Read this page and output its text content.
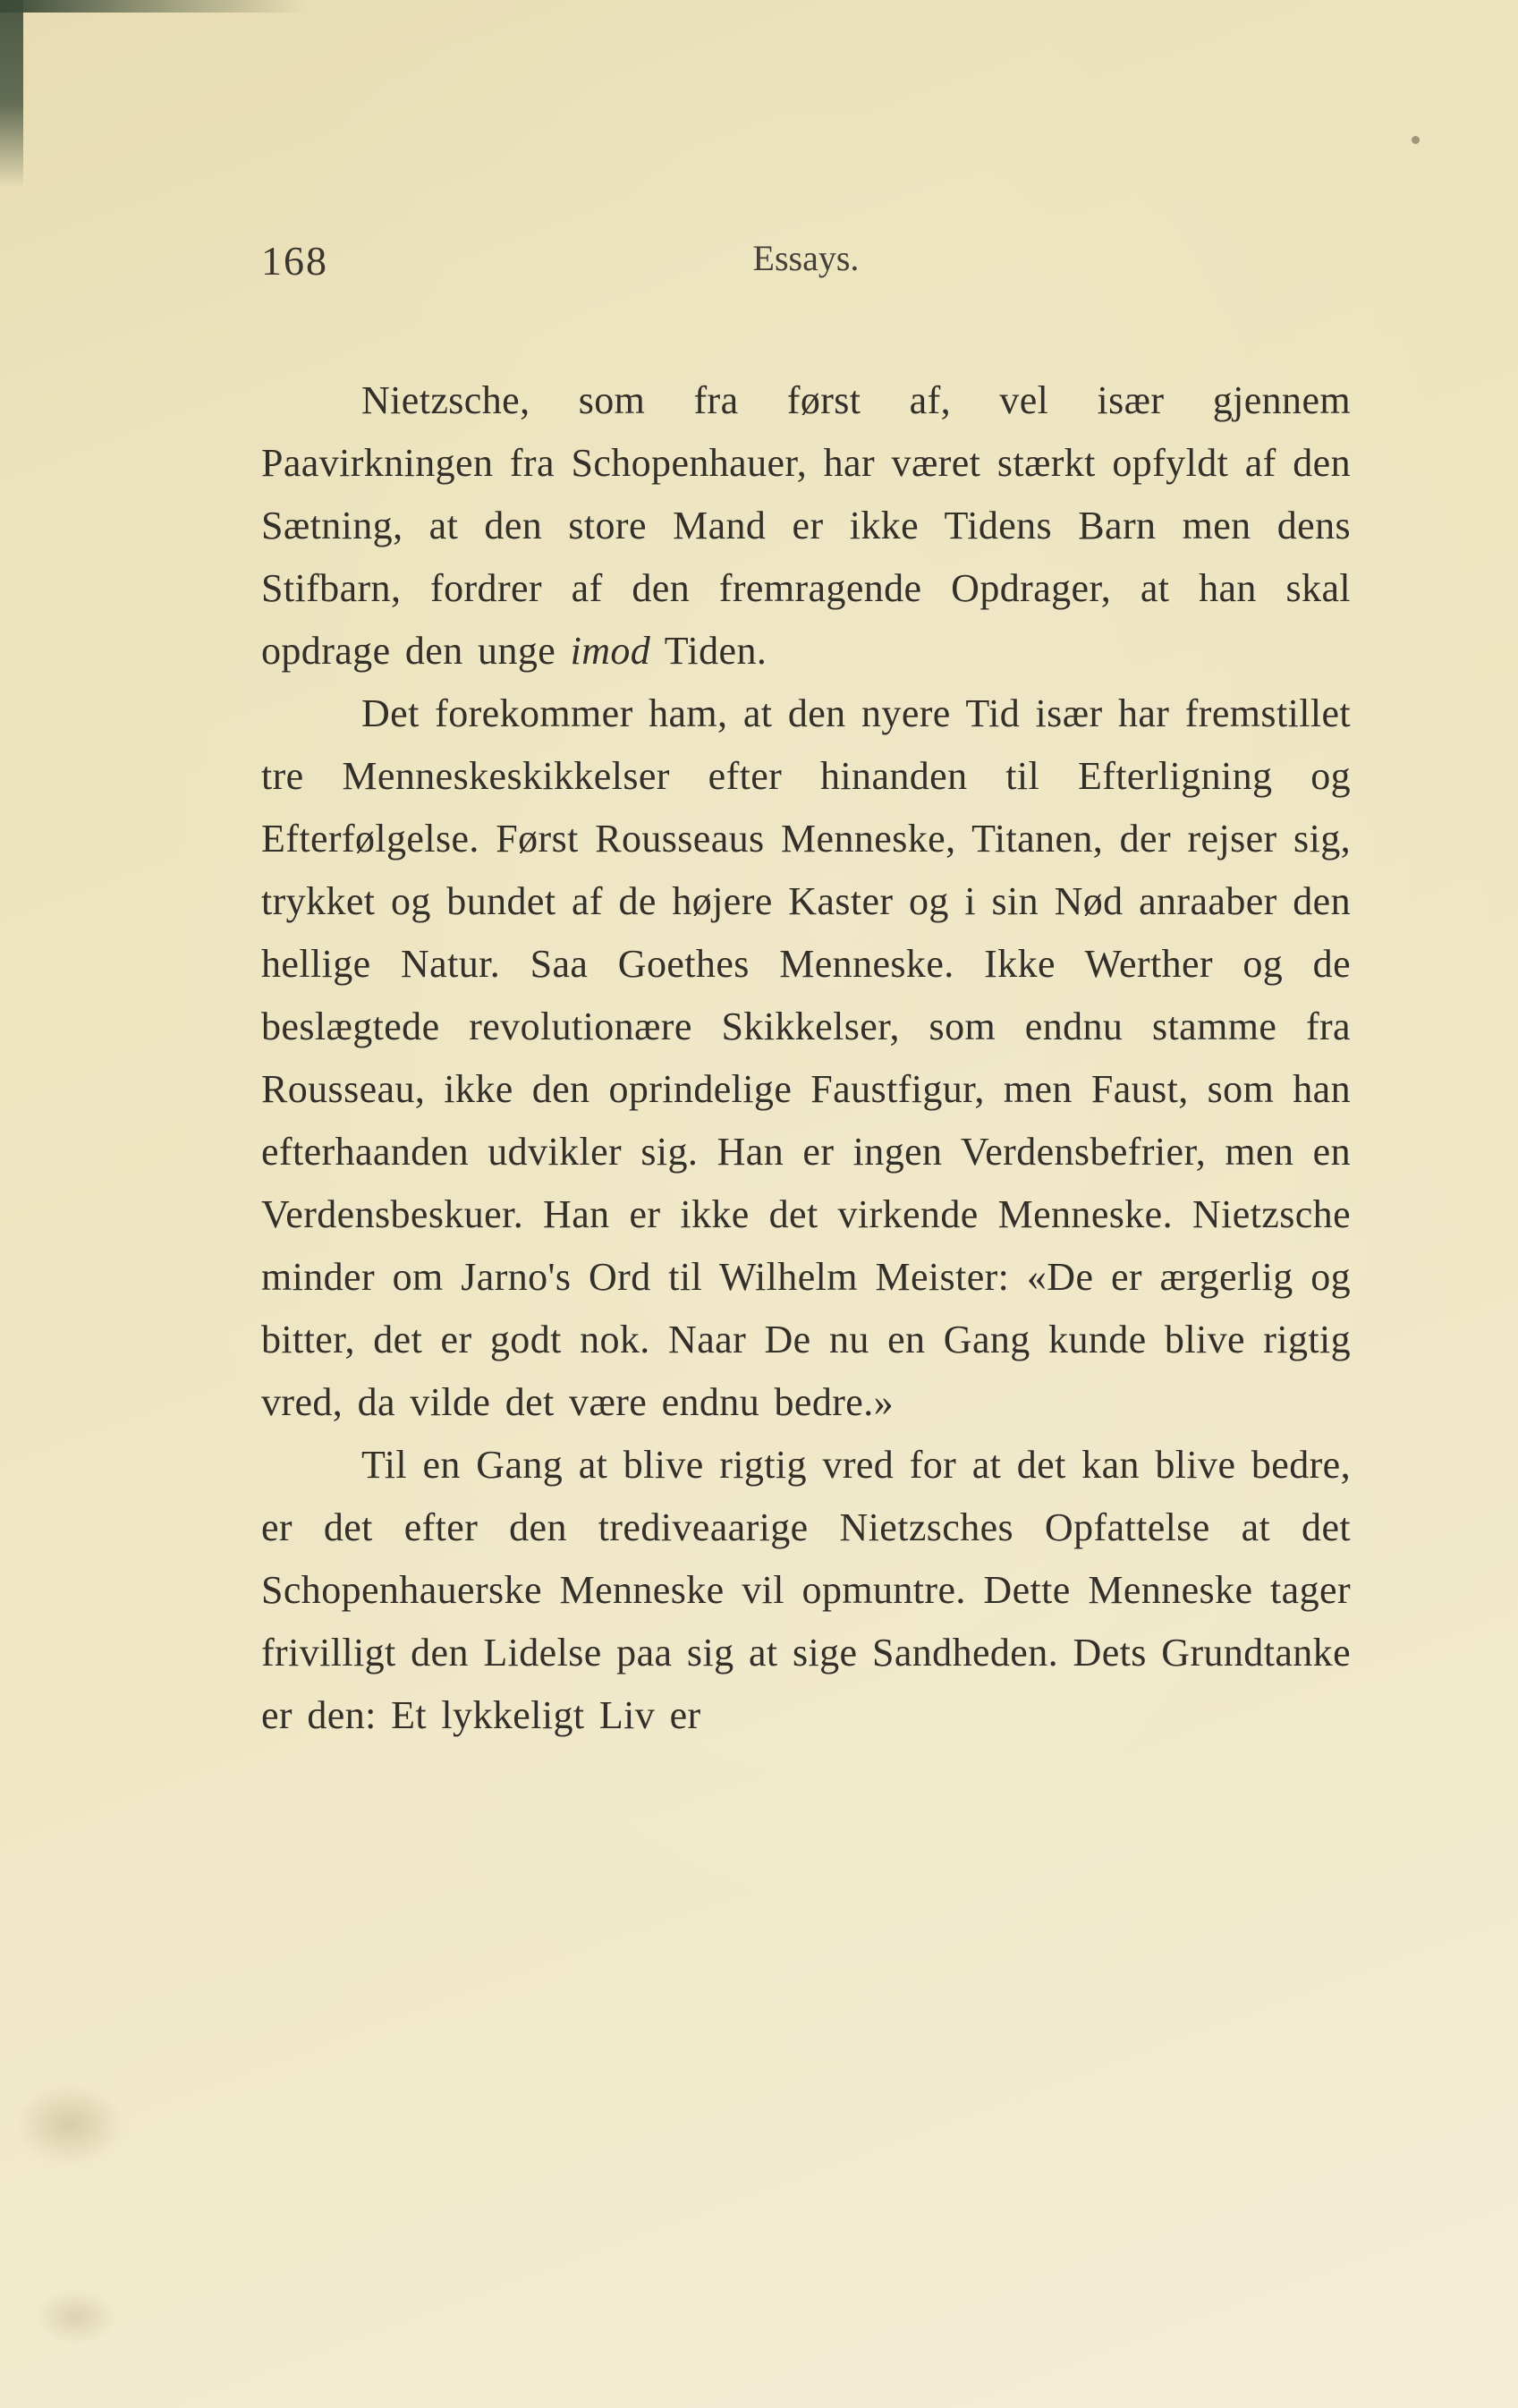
168	Essays.

Nietzsche, som fra først af, vel især gjennem Paavirkningen fra Schopenhauer, har været stærkt opfyldt af den Sætning, at den store Mand er ikke Tidens Barn men dens Stifbarn, fordrer af den fremragende Opdrager, at han skal opdrage den unge imod Tiden.

Det forekommer ham, at den nyere Tid især har fremstillet tre Menneskeskikkelser efter hinanden til Efterligning og Efterfølgelse. Først Rousseaus Menneske, Titanen, der rejser sig, trykket og bundet af de højere Kaster og i sin Nød anraaber den hellige Natur. Saa Goethes Menneske. Ikke Werther og de beslægtede revolutionære Skikkelser, som endnu stamme fra Rousseau, ikke den oprindelige Faustfigur, men Faust, som han efterhaanden udvikler sig. Han er ingen Verdensbefrier, men en Verdensbeskuer. Han er ikke det virkende Menneske. Nietzsche minder om Jarno's Ord til Wilhelm Meister: «De er ærgerlig og bitter, det er godt nok. Naar De nu en Gang kunde blive rigtig vred, da vilde det være endnu bedre.»

Til en Gang at blive rigtig vred for at det kan blive bedre, er det efter den trediveaarige Nietzsches Opfattelse at det Schopenhauerske Menneske vil opmuntre. Dette Menneske tager frivilligt den Lidelse paa sig at sige Sandheden. Dets Grundtanke er den: Et lykkeligt Liv er
